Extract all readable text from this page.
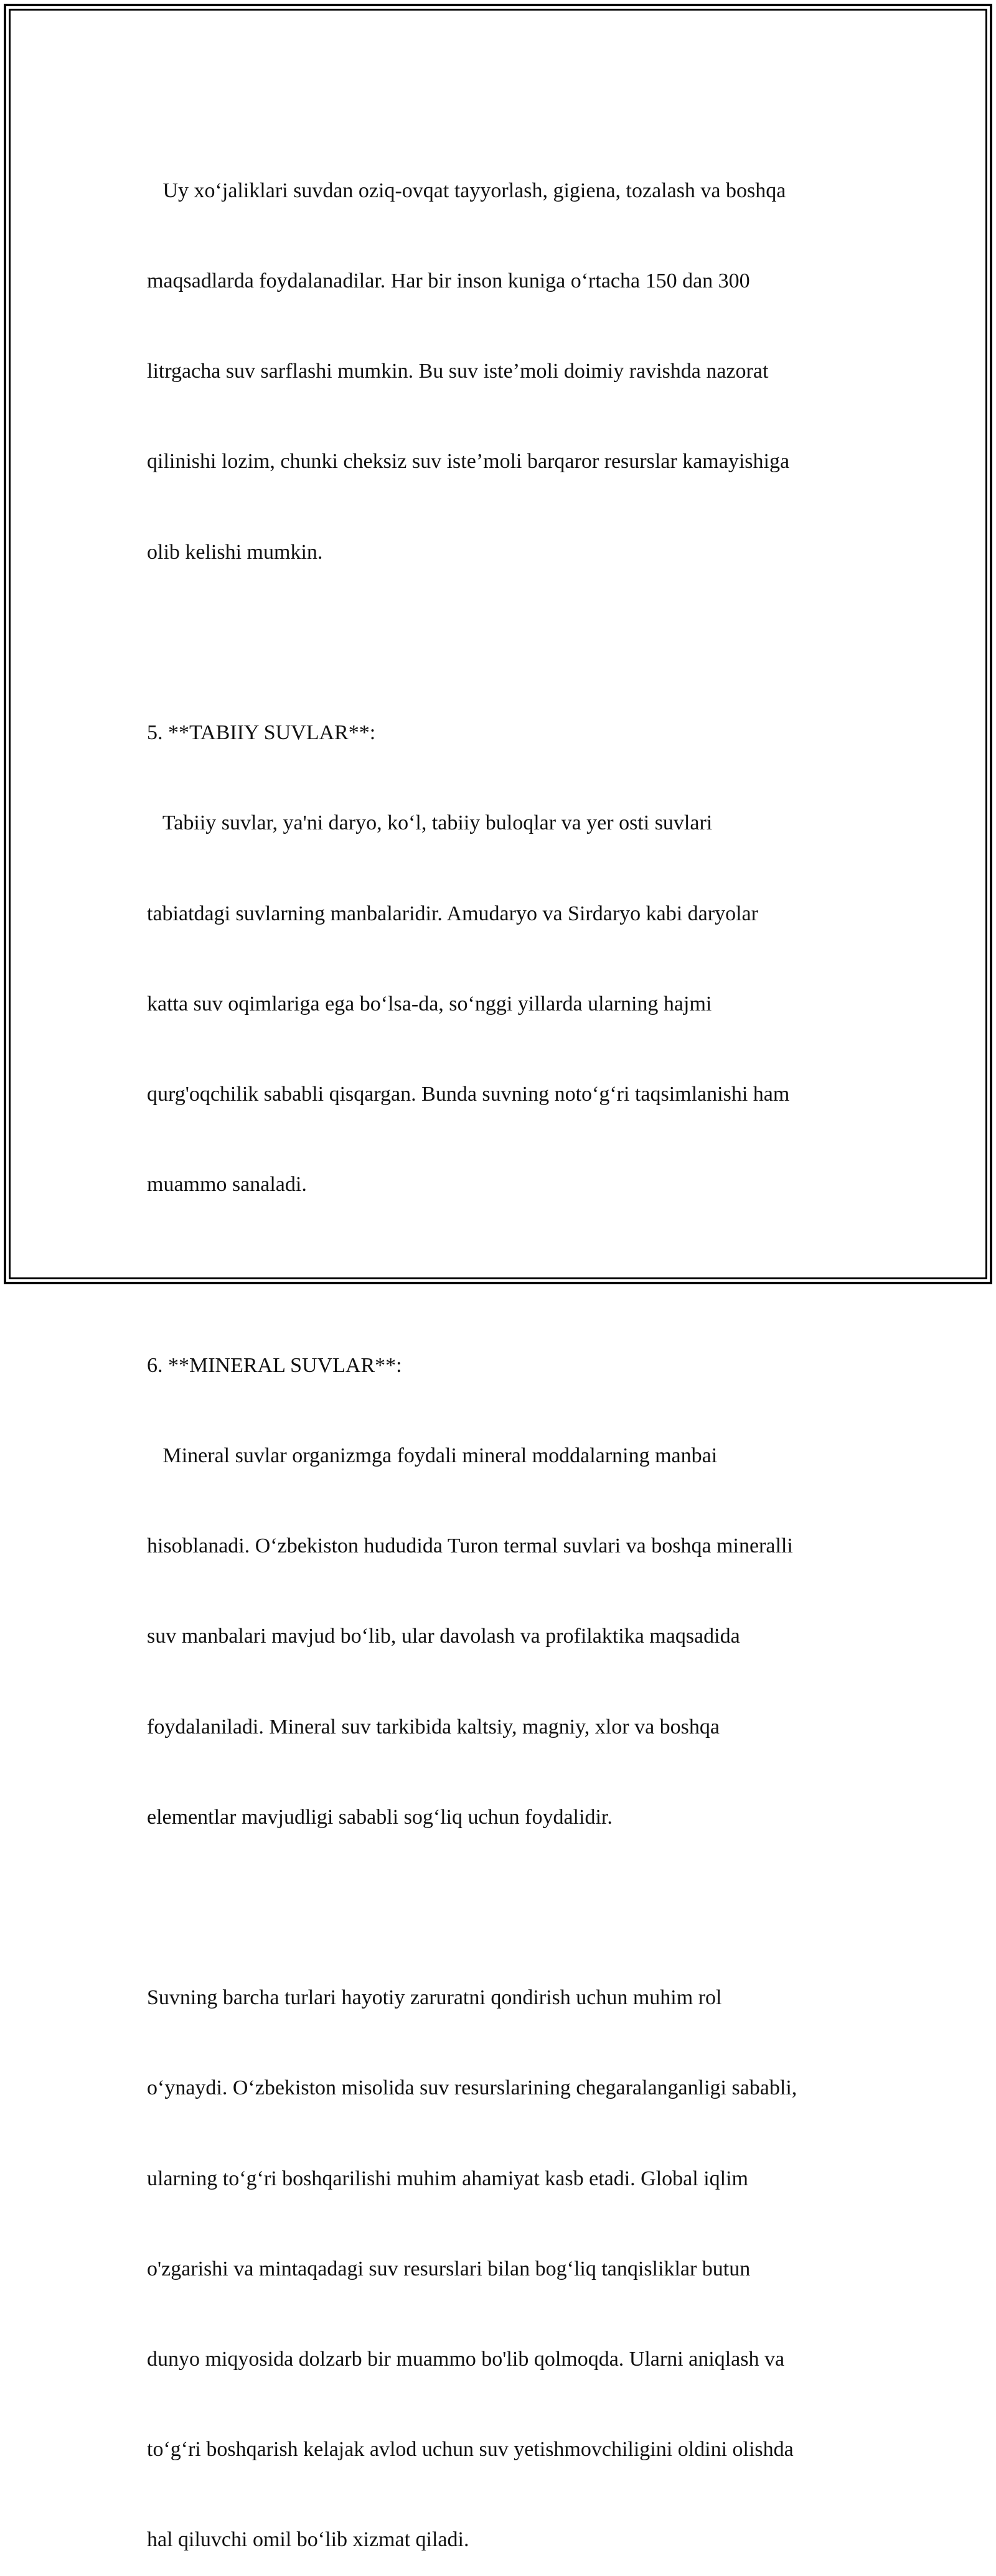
Uy xo‘jaliklari suvdan oziq-ovqat tayyorlash, gigiena, tozalash va boshqa

maqsadlarda foydalanadilar. Har bir inson kuniga o‘rtacha 150 dan 300

litrgacha suv sarflashi mumkin. Bu suv iste’moli doimiy ravishda nazorat

qilinishi lozim, chunki cheksiz suv iste’moli barqaror resurslar kamayishiga

olib kelishi mumkin.

5. **TABIIY SUVLAR**:

Tabiiy suvlar, ya'ni daryo, ko‘l, tabiiy buloqlar va yer osti suvlari

tabiatdagi suvlarning manbalaridir. Amudaryo va Sirdaryo kabi daryolar

katta suv oqimlariga ega bo‘lsa-da, so‘nggi yillarda ularning hajmi

qurg'oqchilik sababli qisqargan. Bunda suvning noto‘g‘ri taqsimlanishi ham

muammo sanaladi.

6. **MINERAL SUVLAR**:

Mineral suvlar organizmga foydali mineral moddalarning manbai

hisoblanadi. O‘zbekiston hududida Turon termal suvlari va boshqa mineralli

suv manbalari mavjud bo‘lib, ular davolash va profilaktika maqsadida

foydalaniladi. Mineral suv tarkibida kaltsiy, magniy, xlor va boshqa

elementlar mavjudligi sababli sog‘liq uchun foydalidir.

Suvning barcha turlari hayotiy zaruratni qondirish uchun muhim rol

o‘ynaydi. O‘zbekiston misolida suv resurslarining chegaralanganligi sababli,

ularning to‘g‘ri boshqarilishi muhim ahamiyat kasb etadi. Global iqlim

o'zgarishi va mintaqadagi suv resurslari bilan bog‘liq tanqisliklar butun

dunyo miqyosida dolzarb bir muammo bo'lib qolmoqda. Ularni aniqlash va

to‘g‘ri boshqarish kelajak avlod uchun suv yetishmovchiligini oldini olishda

hal qiluvchi omil bo‘lib xizmat qiladi.
